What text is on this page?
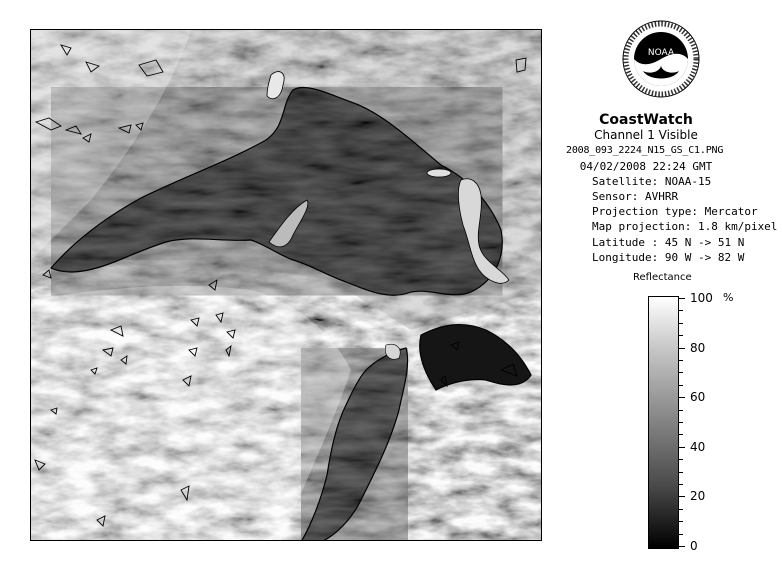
NOAA
CoastWatch
Channel 1 Visible
2008_093_2224_N15_GS_C1.PNG
04/02/2008 22:24 GMT
Satellite: NOAA-15
Sensor: AVHRR
Projection type: Mercator
Map projection: 1.8 km/pixel
Latitude : 45 N -> 51 N
Longitude: 90 W -> 82 W
Reflectance
%
100
80
60
40
20
0
